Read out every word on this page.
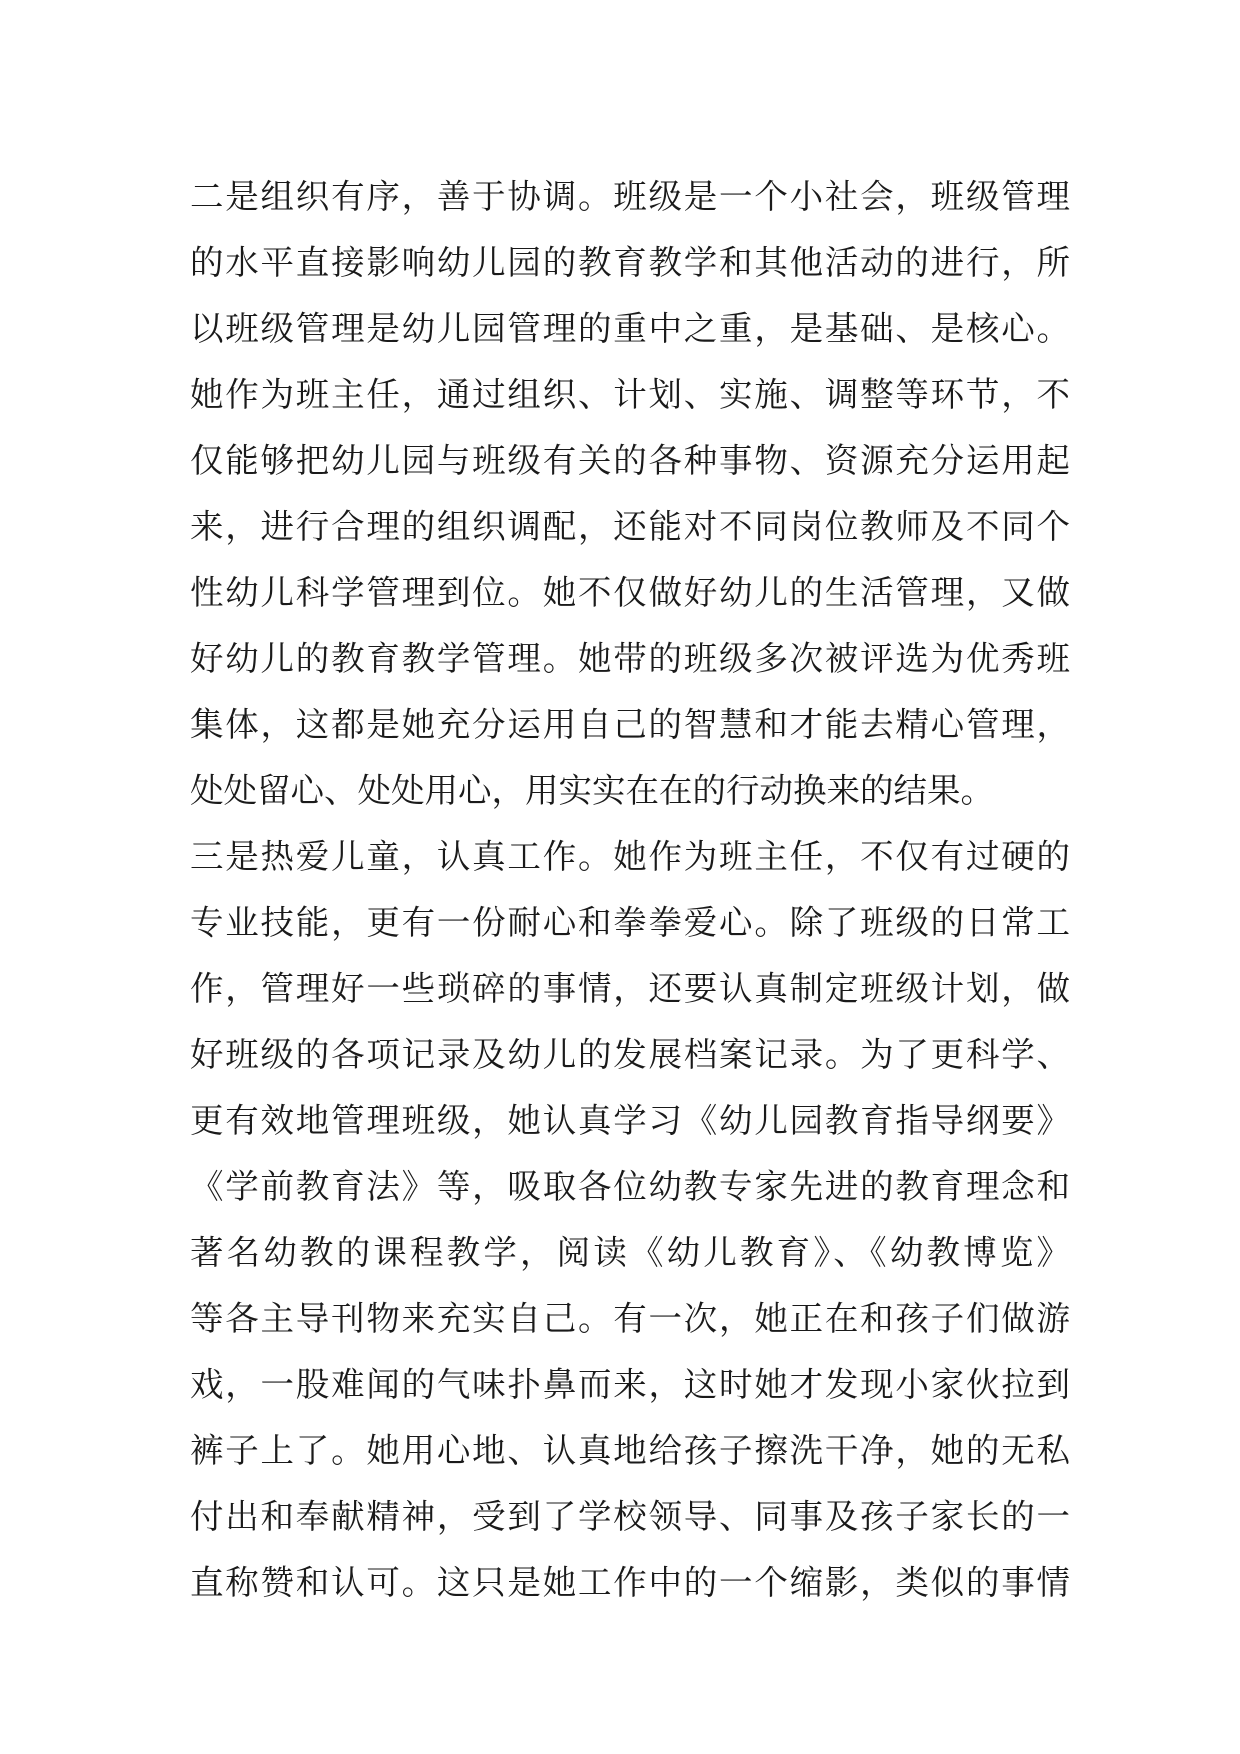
二是组织有序，善于协调。班级是一个小社会，班级管理
的水平直接影响幼儿园的教育教学和其他活动的进行，所
以班级管理是幼儿园管理的重中之重，是基础、是核心。
她作为班主任，通过组织、计划、实施、调整等环节，不
仅能够把幼儿园与班级有关的各种事物、资源充分运用起
来，进行合理的组织调配，还能对不同岗位教师及不同个
性幼儿科学管理到位。她不仅做好幼儿的生活管理，又做
好幼儿的教育教学管理。她带的班级多次被评选为优秀班
集体，这都是她充分运用自己的智慧和才能去精心管理，
处处留心、处处用心，用实实在在的行动换来的结果。
三是热爱儿童，认真工作。她作为班主任，不仅有过硬的
专业技能，更有一份耐心和拳拳爱心。除了班级的日常工
作，管理好一些琐碎的事情，还要认真制定班级计划，做
好班级的各项记录及幼儿的发展档案记录。为了更科学、
更有效地管理班级，她认真学习《幼儿园教育指导纲要》
《学前教育法》等，吸取各位幼教专家先进的教育理念和
著名幼教的课程教学，阅读《幼儿教育》、《幼教博览》
等各主导刊物来充实自己。有一次，她正在和孩子们做游
戏，一股难闻的气味扑鼻而来，这时她才发现小家伙拉到
裤子上了。她用心地、认真地给孩子擦洗干净，她的无私
付出和奉献精神，受到了学校领导、同事及孩子家长的一
直称赞和认可。这只是她工作中的一个缩影，类似的事情
